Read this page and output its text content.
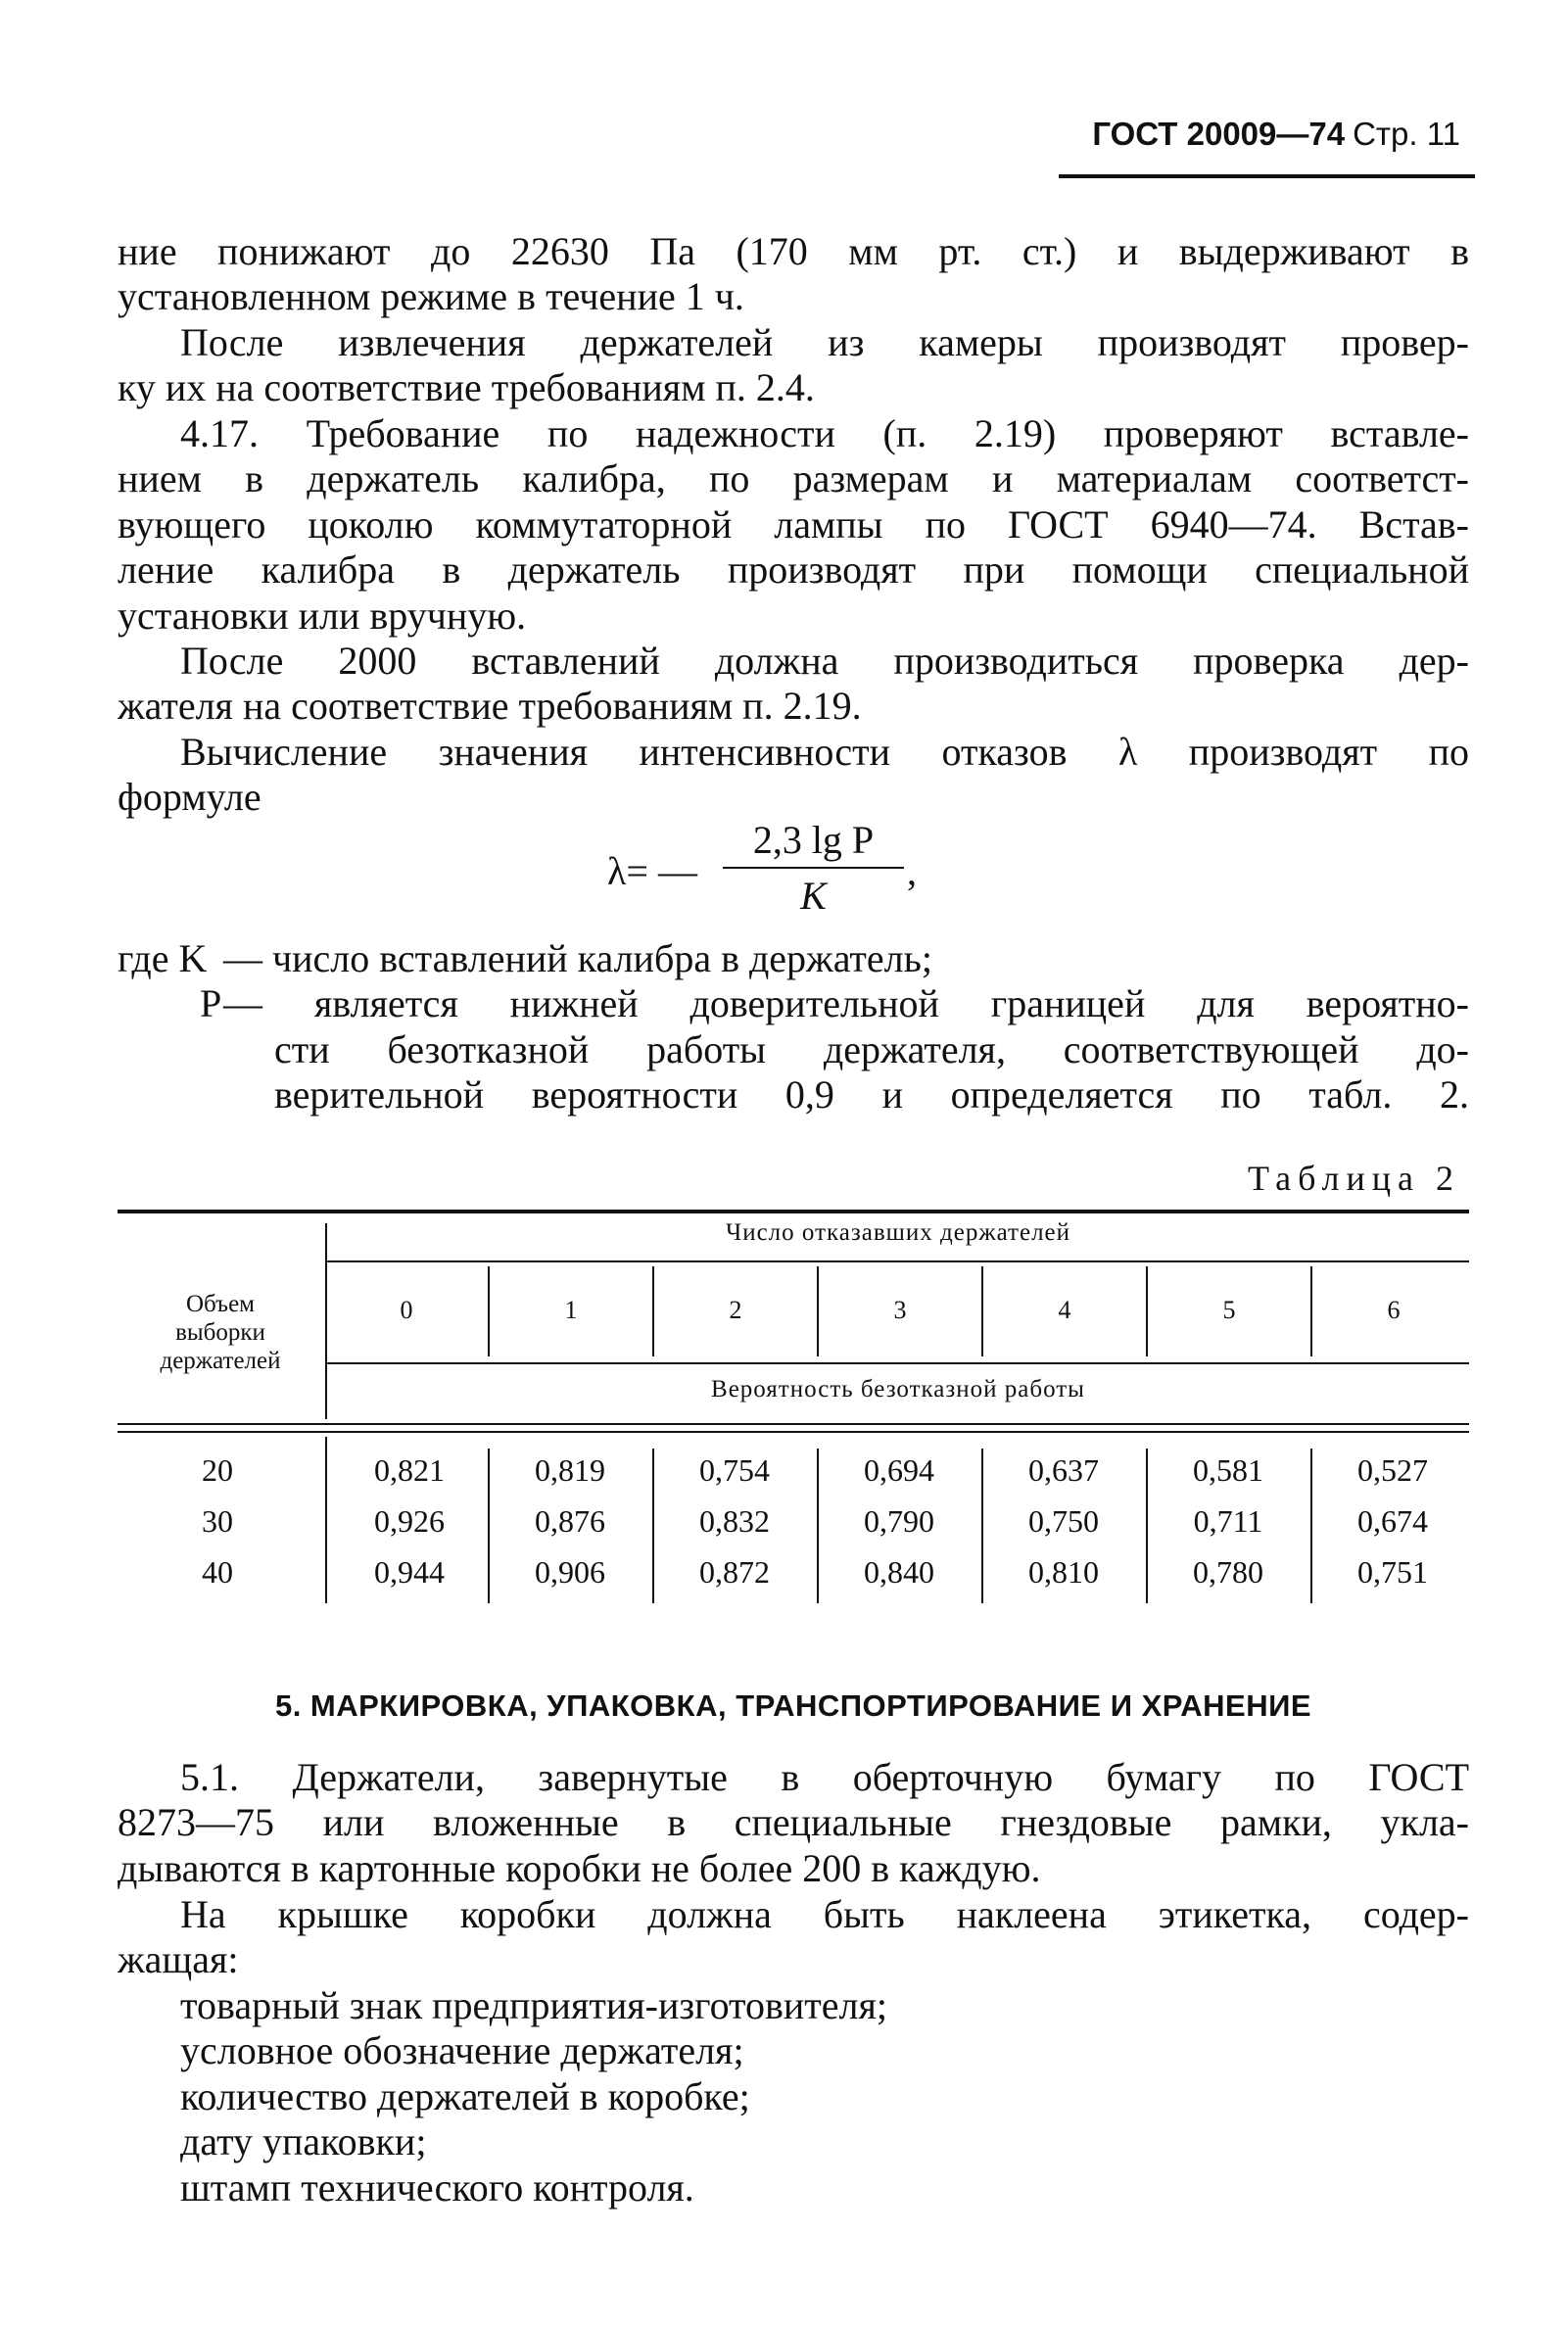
ГОСТ 20009—74 Стр. 11
ние понижают до 22630 Па (170 мм рт. ст.) и выдерживают в
установленном режиме в течение 1 ч.
После извлечения держателей из камеры производят провер-
ку их на соответствие требованиям п. 2.4.
4.17. Требование по надежности (п. 2.19) проверяют вставле-
нием в держатель калибра, по размерам и материалам соответст-
вующего цоколю коммутаторной лампы по ГОСТ 6940—74. Встав-
ление калибра в держатель производят при помощи специальной
установки или вручную.
После 2000 вставлений должна производиться проверка дер-
жателя на соответствие требованиям п. 2.19.
Вычисление значения интенсивности отказов λ производят по
формуле
λ= — $\frac{\text{2,3 lg P}}{K}$ ,
где K — число вставлений калибра в держатель;
P — является нижней доверительной границей для вероятно-
сти безотказной работы держателя, соответствующей до-
верительной вероятности 0,9 и определяется по табл. 2.
Таблица 2
Объем
выборки
держателей
Число отказавших держателей
0	1	2	3	4	5	6
Вероятность безотказной работы
20	0,821	0,819	0,754	0,694	0,637	0,581	0,527
30	0,926	0,876	0,832	0,790	0,750	0,711	0,674
40	0,944	0,906	0,872	0,840	0,810	0,780	0,751
5. МАРКИРОВКА, УПАКОВКА, ТРАНСПОРТИРОВАНИЕ И ХРАНЕНИЕ
5.1. Держатели, завернутые в оберточную бумагу по ГОСТ
8273—75 или вложенные в специальные гнездовые рамки, укла-
дываются в картонные коробки не более 200 в каждую.
На крышке коробки должна быть наклеена этикетка, содер-
жащая:
товарный знак предприятия-изготовителя;
условное обозначение держателя;
количество держателей в коробке;
дату упаковки;
штамп технического контроля.
